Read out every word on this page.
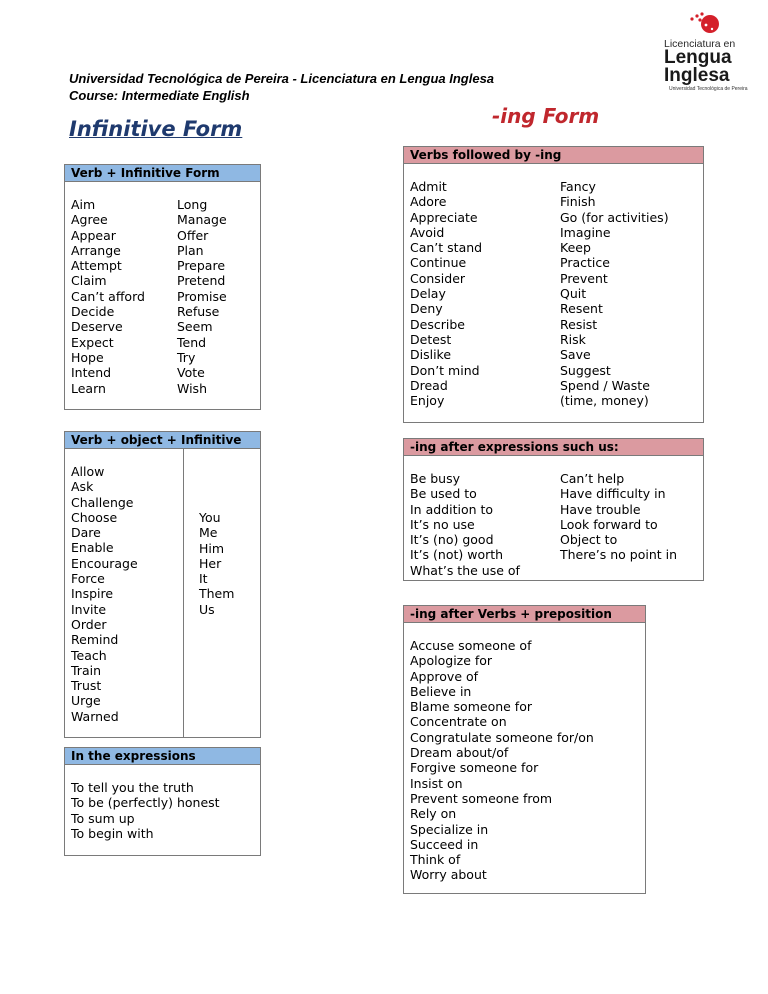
Licenciatura en
Lengua
Inglesa
Universidad Tecnológica de Pereira
Universidad Tecnológica de Pereira - Licenciatura en Lengua Inglesa
Course: Intermediate English
Infinitive Form
-ing Form
Verb + Infinitive Form
Aim
Agree
Appear
Arrange
Attempt
Claim
Can’t afford
Decide
Deserve
Expect
Hope
Intend
Learn
Long
Manage
Offer
Plan
Prepare
Pretend
Promise
Refuse
Seem
Tend
Try
Vote
Wish
Verb + object + Infinitive
Allow
Ask
Challenge
Choose
Dare
Enable
Encourage
Force
Inspire
Invite
Order
Remind
Teach
Train
Trust
Urge
Warned
You
Me
Him
Her
It
Them
Us
In the expressions
To tell you the truth
To be (perfectly) honest
To sum up
To begin with
Verbs followed by -ing
Admit
Adore
Appreciate
Avoid
Can’t stand
Continue
Consider
Delay
Deny
Describe
Detest
Dislike
Don’t mind
Dread
Enjoy
Fancy
Finish
Go (for activities)
Imagine
Keep
Practice
Prevent
Quit
Resent
Resist
Risk
Save
Suggest
Spend / Waste
(time, money)
-ing after expressions such us:
Be busy
Be used to
In addition to
It’s no use
It’s (no) good
It’s (not) worth
What’s the use of
Can’t help
Have difficulty in
Have trouble
Look forward to
Object to
There’s no point in
-ing after Verbs + preposition
Accuse someone of
Apologize for
Approve of
Believe in
Blame someone for
Concentrate on
Congratulate someone for/on
Dream about/of
Forgive someone for
Insist on
Prevent someone from
Rely on
Specialize in
Succeed in
Think of
Worry about
